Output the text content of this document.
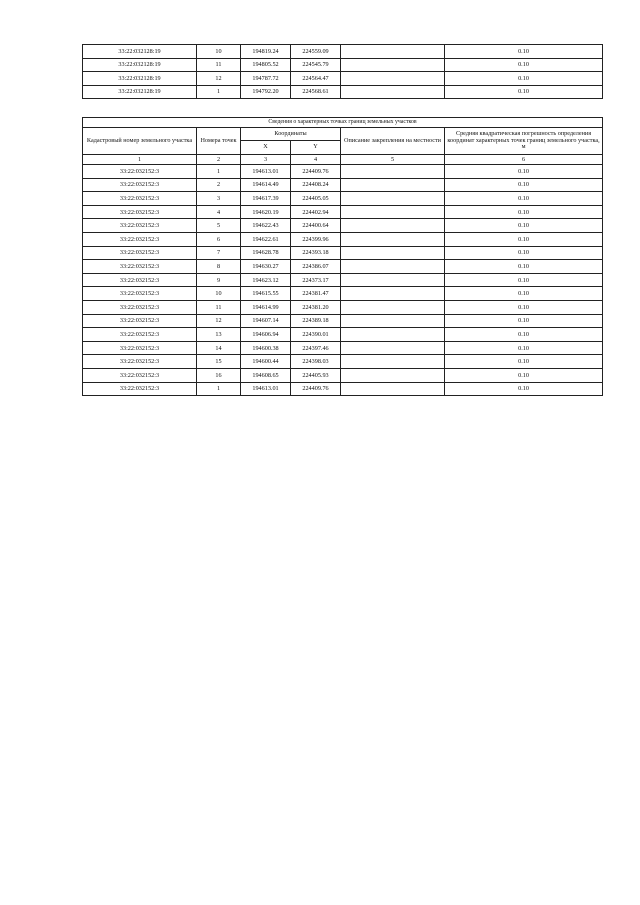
33:22:032128:19	10	194819.24	224559.09		0.10
33:22:032128:19	11	194805.52	224545.79		0.10
33:22:032128:19	12	194787.72	224564.47		0.10
33:22:032128:19	1	194792.20	224568.61		0.10
Сведения о характерных точках границ земельных участков					
Кадастровый номер земельного участка	Номера точек	Координаты		Описание закрепления на местности	Средняя квадратическая погрешность определения координат характерных точек границ земельного участка, м
		X	Y		
1	2	3	4	5	6
33:22:032152:3	1	194613.01	224409.76		0.10
33:22:032152:3	2	194614.49	224408.24		0.10
33:22:032152:3	3	194617.39	224405.05		0.10
33:22:032152:3	4	194620.19	224402.94		0.10
33:22:032152:3	5	194622.43	224400.64		0.10
33:22:032152:3	6	194622.61	224399.96		0.10
33:22:032152:3	7	194628.78	224393.18		0.10
33:22:032152:3	8	194630.27	224386.07		0.10
33:22:032152:3	9	194623.12	224373.17		0.10
33:22:032152:3	10	194615.55	224381.47		0.10
33:22:032152:3	11	194614.99	224381.20		0.10
33:22:032152:3	12	194607.14	224389.18		0.10
33:22:032152:3	13	194606.94	224390.01		0.10
33:22:032152:3	14	194600.38	224397.46		0.10
33:22:032152:3	15	194600.44	224398.03		0.10
33:22:032152:3	16	194608.65	224405.93		0.10
33:22:032152:3	1	194613.01	224409.76		0.10
